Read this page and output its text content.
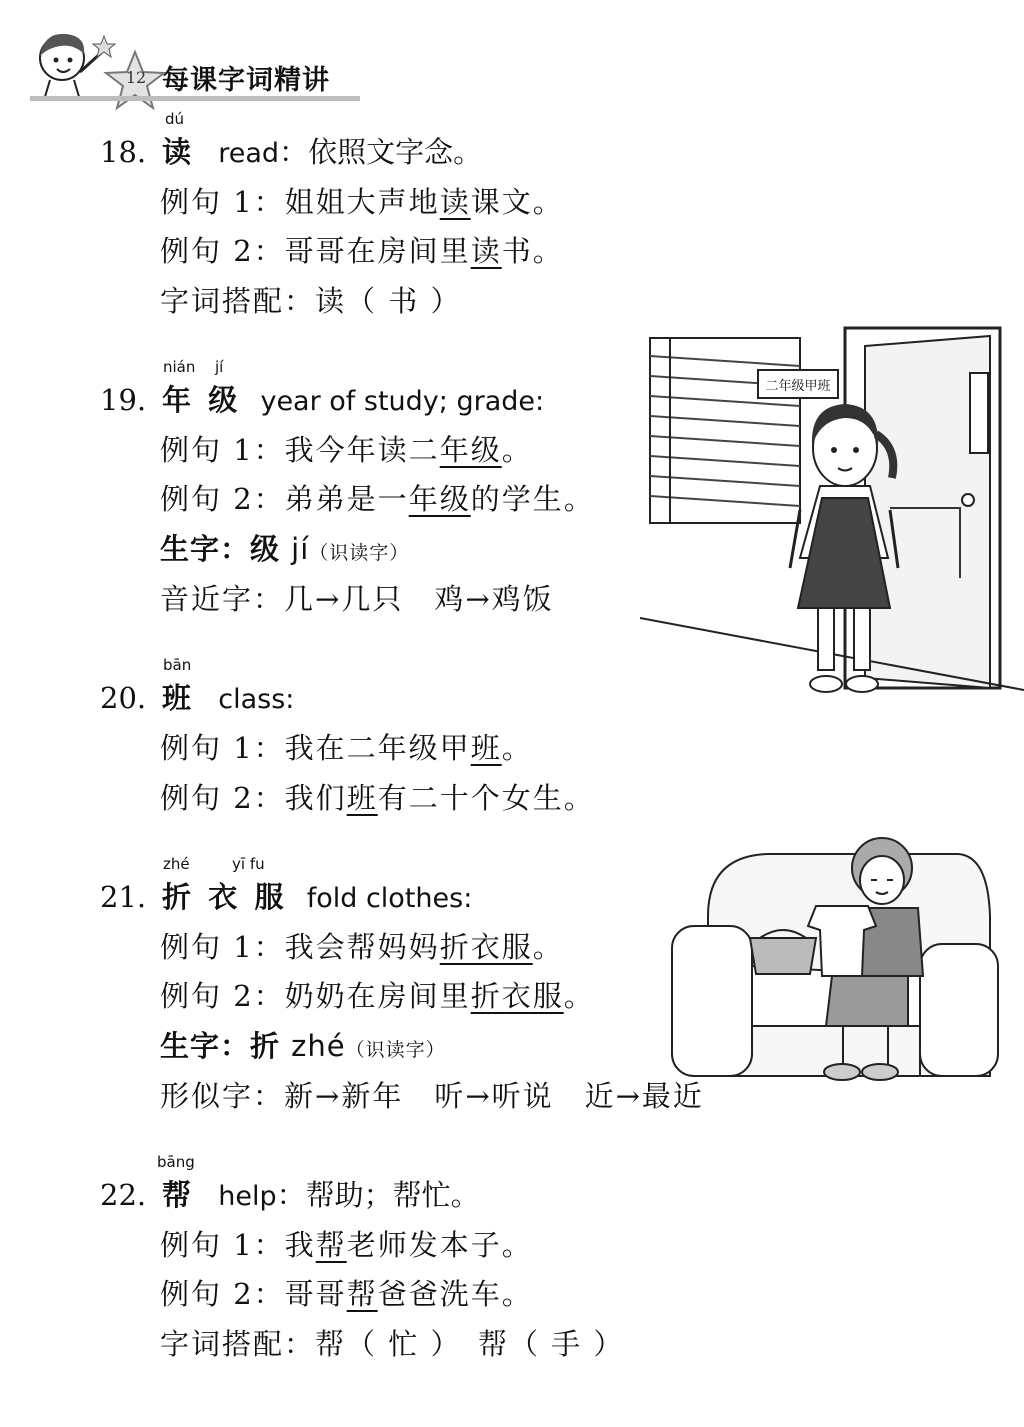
12 每课字词精讲
dú
18. 读 read：依照文字念。
例句 1：姐姐大声地读课文。
例句 2：哥哥在房间里读书。
字词搭配：读（ 书 ）
nián jí
19. 年 级 year of study; grade:
例句 1：我今年读二年级。
例句 2：弟弟是一年级的学生。
生字：级 jí（识读字）
音近字：几→几只　鸡→鸡饭
二年级甲班
bān
20. 班 class:
例句 1：我在二年级甲班。
例句 2：我们班有二十个女生。
zhé	yī fu
21. 折 衣 服 fold clothes:
例句 1：我会帮妈妈折衣服。
例句 2：奶奶在房间里折衣服。
生字：折 zhé（识读字）
形似字：新→新年　听→听说　近→最近
bāng
22. 帮 help：帮助；帮忙。
例句 1：我帮老师发本子。
例句 2：哥哥帮爸爸洗车。
字词搭配：帮（ 忙 ）　帮（ 手 ）
